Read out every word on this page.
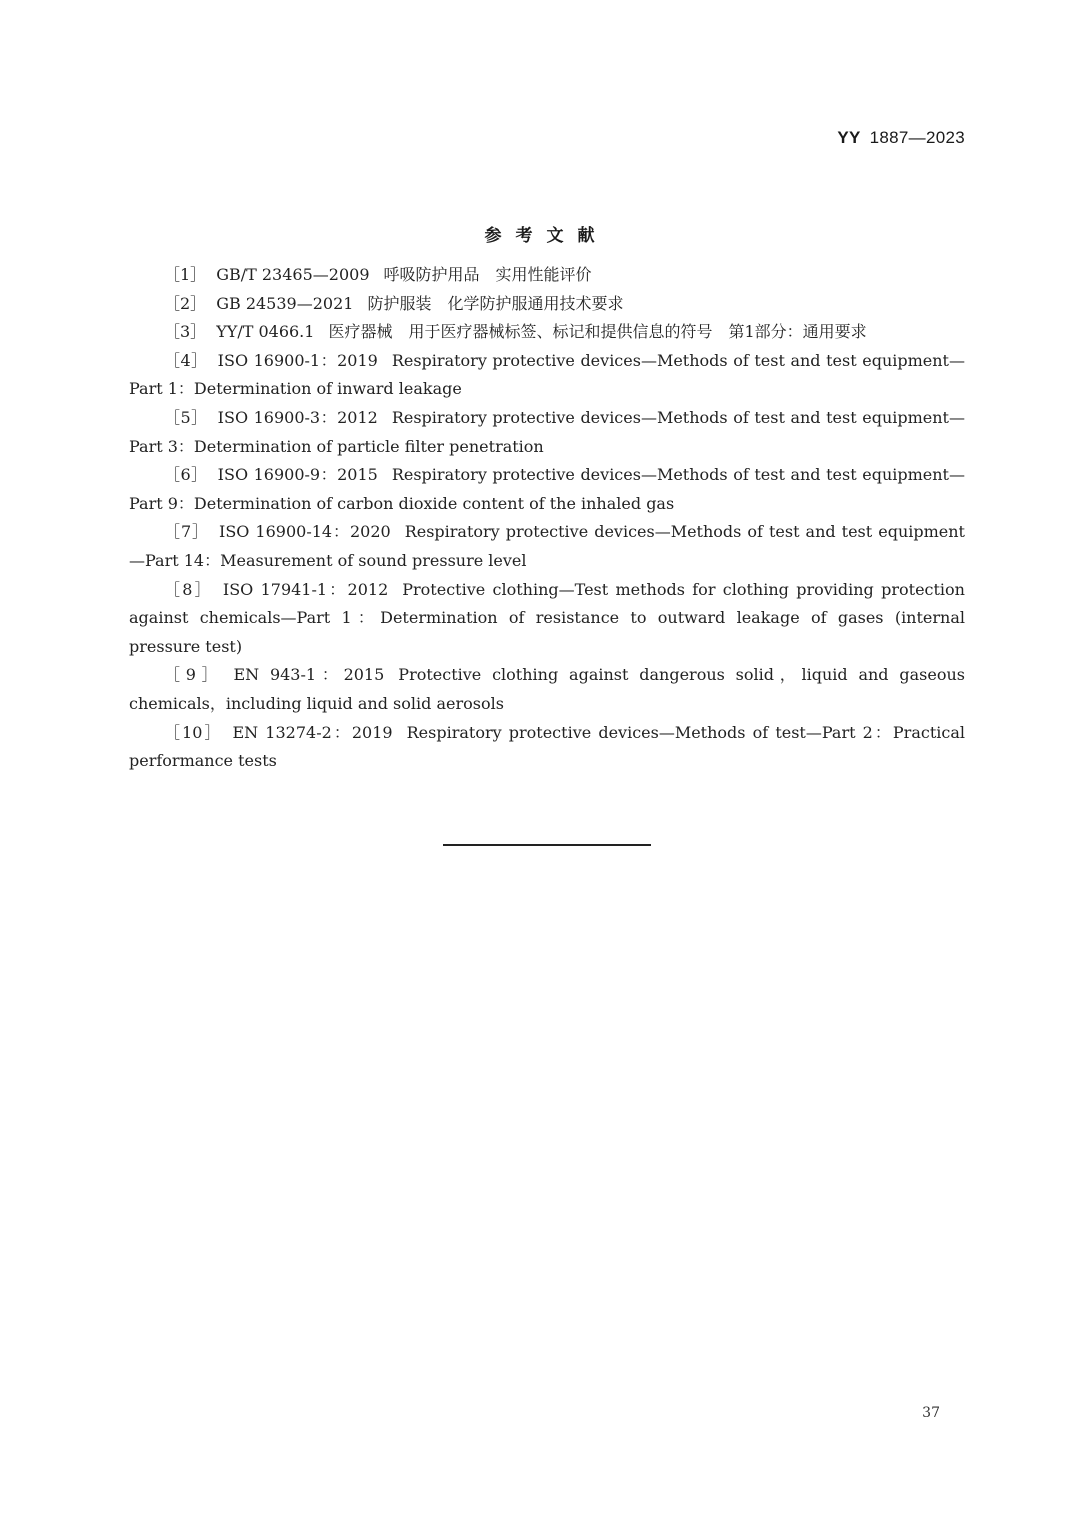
YY 1887—2023
参考文献

［1］ GB/T 23465—2009 呼吸防护用品　实用性能评价

［2］ GB 24539—2021 防护服装　化学防护服通用技术要求

［3］ YY/T 0466.1 医疗器械　用于医疗器械标签、标记和提供信息的符号　第1部分：通用要求

［4］ ISO 16900-1：2019 Respiratory protective devices—Methods of test and test equipment—Part 1：Determination of inward leakage

［5］ ISO 16900-3：2012 Respiratory protective devices—Methods of test and test equipment—Part 3：Determination of particle filter penetration

［6］ ISO 16900-9：2015 Respiratory protective devices—Methods of test and test equipment—Part 9：Determination of carbon dioxide content of the inhaled gas

［7］ ISO 16900-14：2020 Respiratory protective devices—Methods of test and test equipment—Part 14：Measurement of sound pressure level

［8］ ISO 17941-1：2012 Protective clothing—Test methods for clothing providing protection against chemicals—Part 1：Determination of resistance to outward leakage of gases (internal pressure test)

［9］ EN 943-1：2015 Protective clothing against dangerous solid，liquid and gaseous chemicals，including liquid and solid aerosols

［10］ EN 13274-2：2019 Respiratory protective devices—Methods of test—Part 2：Practical performance tests

37
